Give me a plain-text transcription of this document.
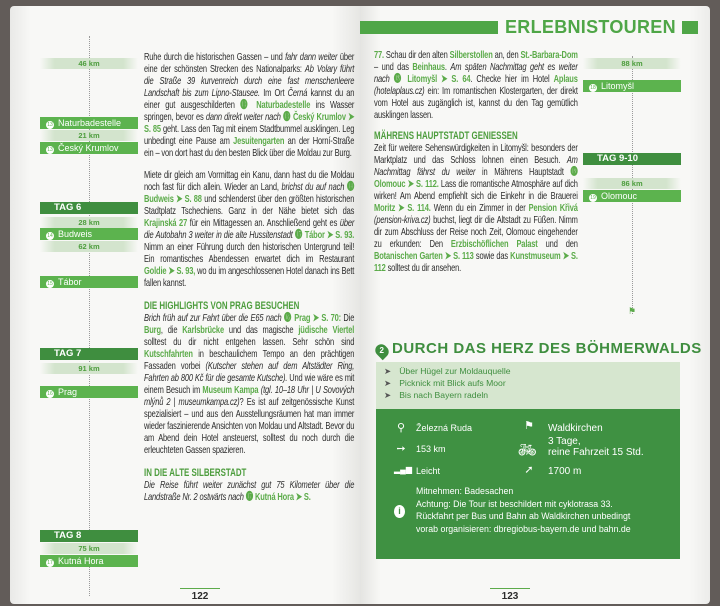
46 km
13 Naturbadestelle
21 km
13 Český Krumlov
TAG 6
28 km
14 Budweis
62 km
15 Tábor
TAG 7
91 km
16 Prag
TAG 8
75 km
17 Kutná Hora

Ruhe durch die historischen Gassen – und fahr dann weiter über eine der schönsten Strecken des Nationalparks: Ab Volary führt die Straße 39 kurvenreich durch eine fast menschenleere Landschaft bis zum Lipno-Stausee. Im Ort Černá kannst du an einer gut ausgeschilderten ⓭ Naturbadestelle ins Wasser springen, bevor es dann direkt weiter nach ⓭ Český Krumlov ➤ S. 85 geht. Lass den Tag mit einem Stadtbummel ausklingen. Leg unbedingt eine Pause am Jesuitengarten an der Horní-Straße ein – von dort hast du den besten Blick über die Moldau zur Burg.

Miete dir gleich am Vormittag ein Kanu, dann hast du die Moldau noch fast für dich allein. Wieder an Land, brichst du auf nach ⓮ Budweis ➤ S. 88 und schlenderst über den größten historischen Stadtplatz Tschechiens. Ganz in der Nähe bietet sich das Krajinská 27 für ein Mittagessen an. Anschließend geht es über die Autobahn 3 weiter in die alte Hussitenstadt ⓯ Tábor ➤ S. 93. Nimm an einer Führung durch den historischen Untergrund teil! Ein romantisches Abendessen erwartet dich im Restaurant Goldie ➤ S. 93, wo du im angeschlossenen Hotel danach ins Bett fallen kannst.

DIE HIGHLIGHTS VON PRAG BESUCHEN

Brich früh auf zur Fahrt über die E65 nach ⓰ Prag ➤ S. 70: Die Burg, die Karlsbrücke und das magische jüdische Viertel solltest du dir nicht entgehen lassen. Sehr schön sind Kutschfahrten in beschaulichem Tempo an den prächtigen Fassaden vorbei (Kutscher stehen auf dem Altstädter Ring, Fahrten ab 800 Kč für die gesamte Kutsche). Und wie wäre es mit einem Besuch im Museum Kampa (tgl. 10–18 Uhr | U Sovových mlýnů 2 | museumkampa.cz)? Es ist auf zeitgenössische Kunst spezialisiert – und aus den Ausstellungsräumen hat man immer wieder faszinierende Ansichten von Moldau und Altstadt. Bevor du am Abend dein Hotel ansteuerst, solltest du noch durch die erleuchteten Gassen spazieren.

IN DIE ALTE SILBERSTADT

Die Reise führt weiter zunächst gut 75 Kilometer über die Landstraße Nr. 2 ostwärts nach ⓱ Kutná Hora ➤ S.

122
ERLEBNISTOUREN
88 km
18 Litomyšl
TAG 9-10
86 km
19 Olomouc
⚑

77. Schau dir den alten Silberstollen an, den St.-Barbara-Dom – und das Beinhaus. Am späten Nachmittag geht es weiter nach ⓲ Litomyšl ➤ S. 64. Checke hier im Hotel Aplaus (hotelaplaus.cz) ein: Im romantischen Klostergarten, der direkt vom Hotel aus zugänglich ist, kannst du den Tag gemütlich ausklingen lassen.

MÄHRENS HAUPTSTADT GENIESSEN

Zeit für weitere Sehenswürdigkeiten in Litomyšl: besonders der Marktplatz und das Schloss lohnen einen Besuch. Am Nachmittag fährst du weiter in Mährens Hauptstadt ⓳ Olomouc ➤ S. 112. Lass die romantische Atmosphäre auf dich wirken! Am Abend empfiehlt sich die Einkehr in die Brauerei Moritz ➤ S. 114. Wenn du ein Zimmer in der Pension Křivá (pension-kriva.cz) buchst, liegt dir die Altstadt zu Füßen. Nimm dir zum Abschluss der Reise noch Zeit, Olomouc eingehender zu erkunden: Den Erzbischöflichen Palast und den Botanischen Garten ➤ S. 113 sowie das Kunstmuseum ➤ S. 112 solltest du dir ansehen.

2 DURCH DAS HERZ DES BÖHMERWALDS
➤ Über Hügel zur Moldauquelle
➤ Picknick mit Blick aufs Moor
➤ Bis nach Bayern radeln
⚲	Železná Ruda	⚑ Waldkirchen
➙ 153 km	🚲︎
3 Tage,
reine Fahrzeit 15 Std.
▂▄▆ Leicht	➚ 1700 m
i
Mitnehmen: Badesachen
Achtung: Die Tour ist beschildert mit cyklotrasa 33. Rückfahrt per Bus und Bahn ab Waldkirchen unbedingt vorab organisieren: dbregiobus-bayern.de und bahn.de
123
